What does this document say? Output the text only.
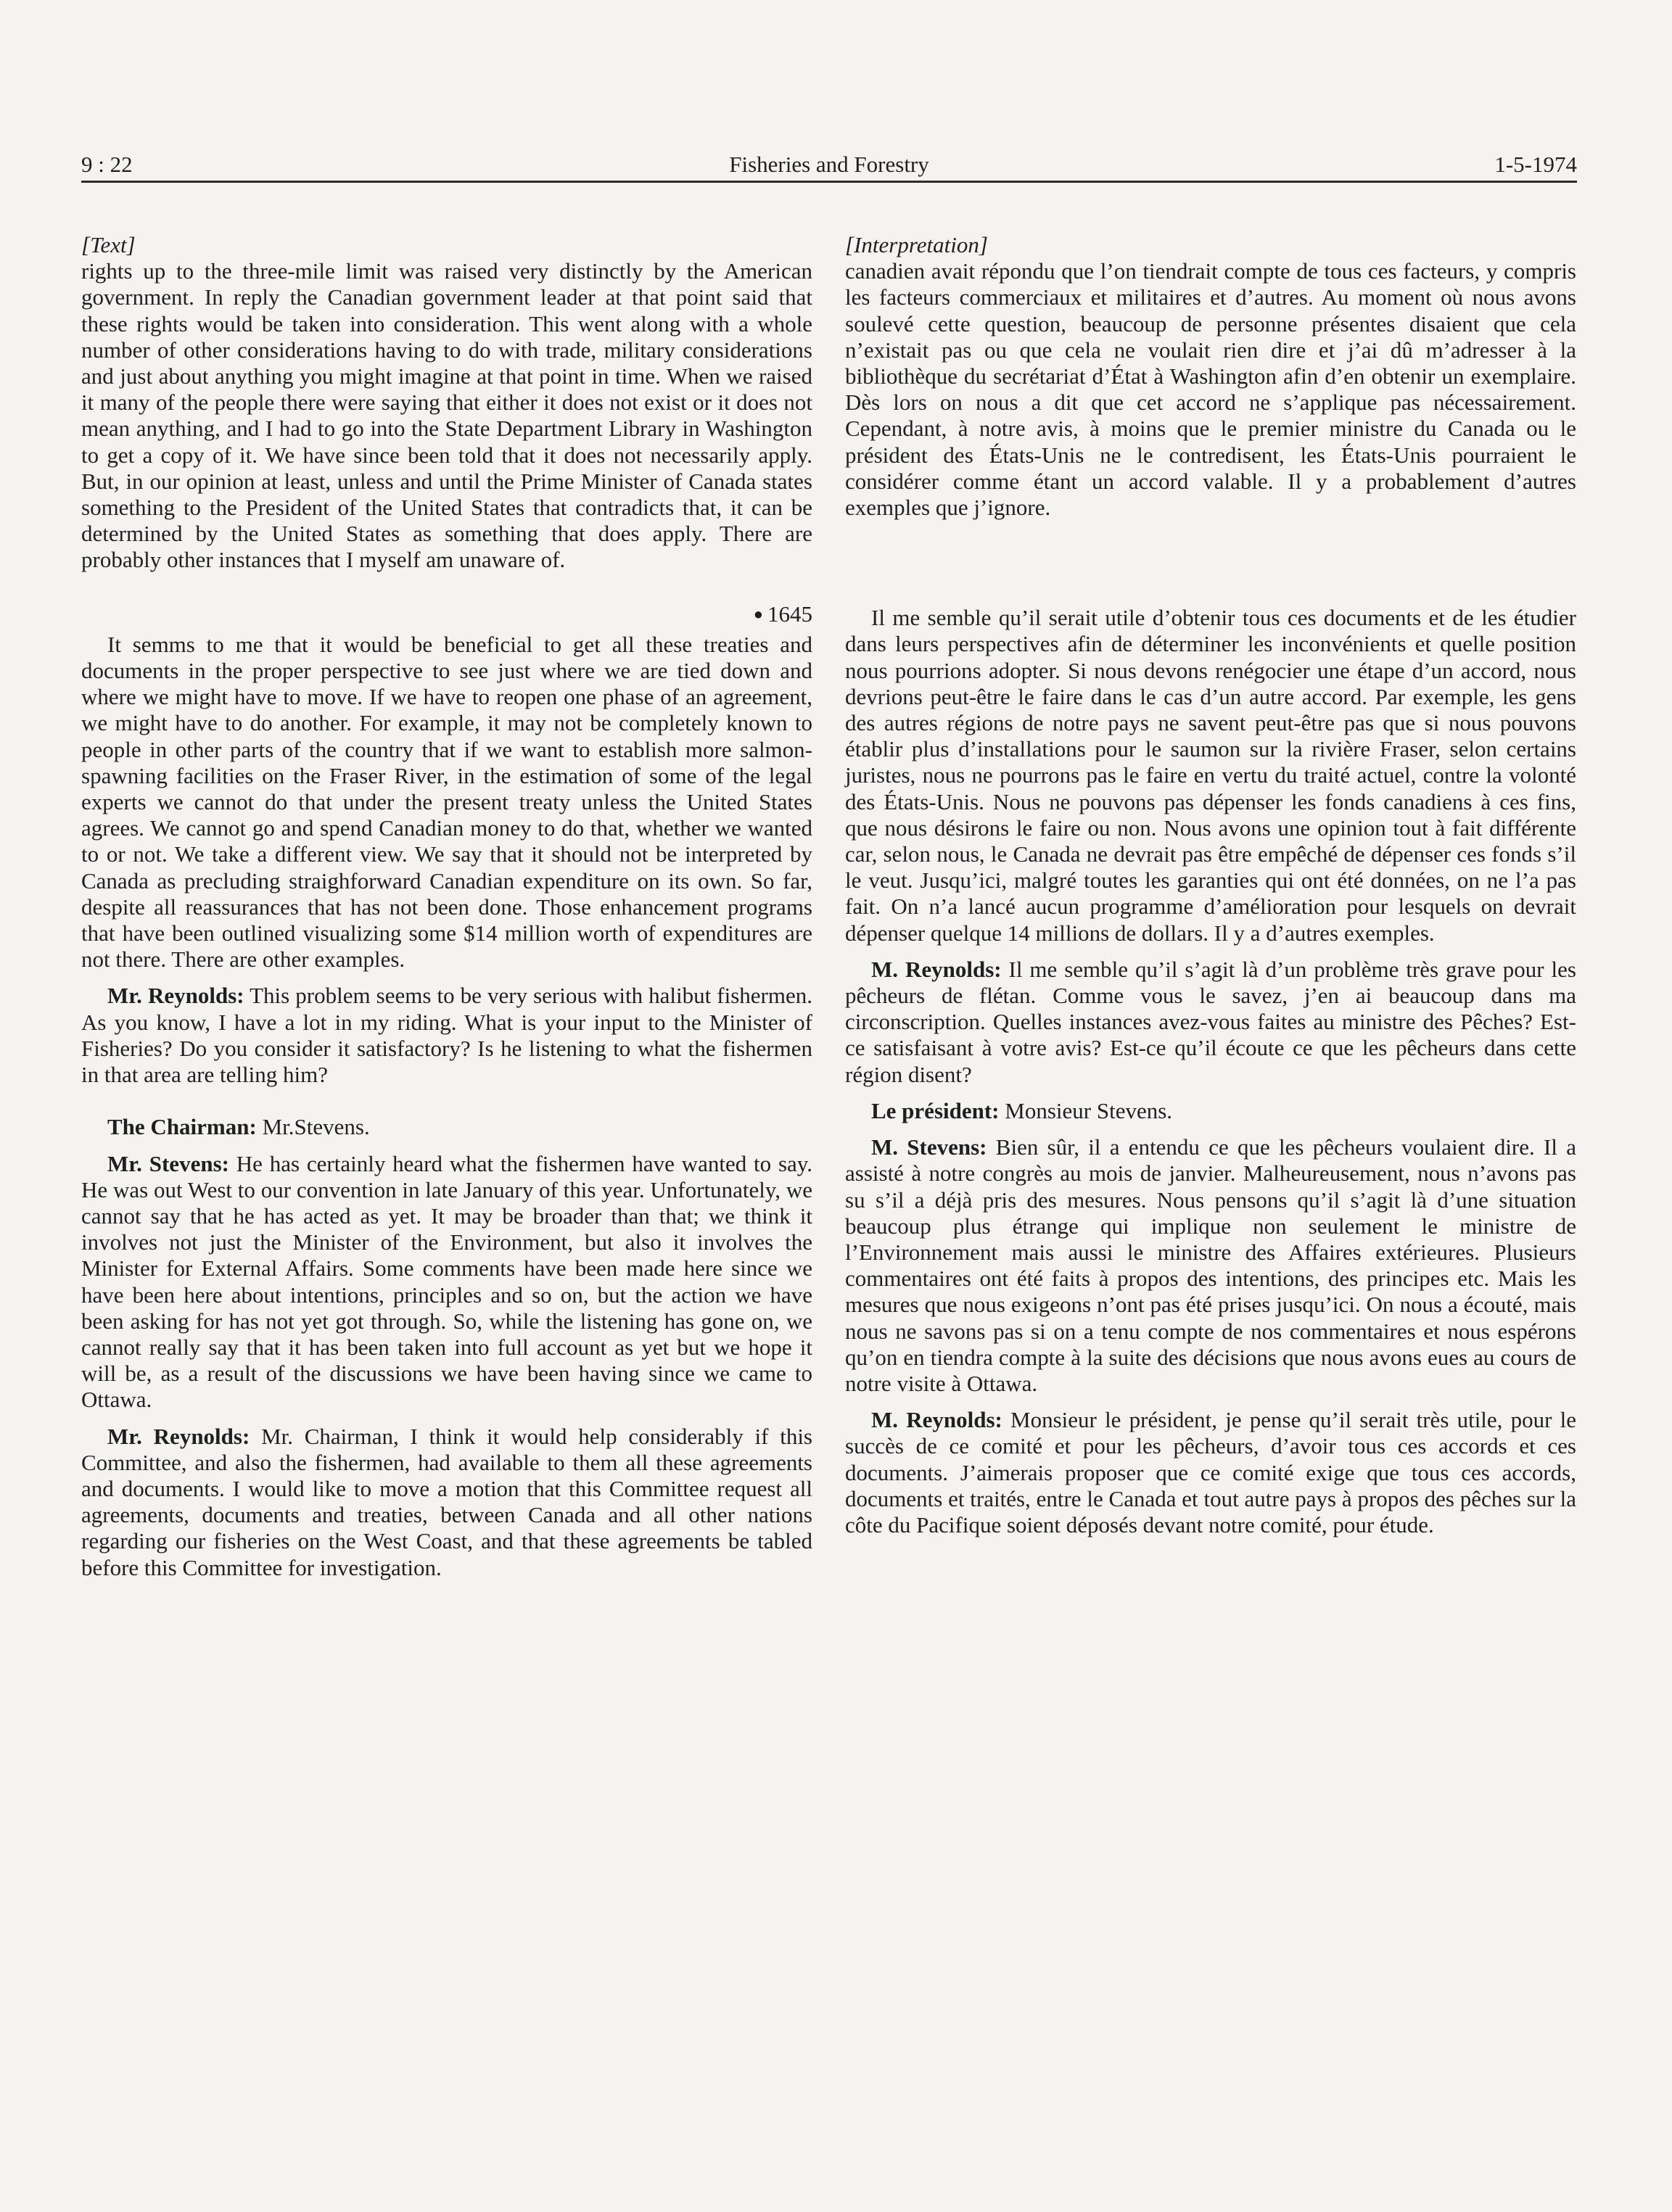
9 : 22	Fisheries and Forestry	1-5-1974

[Text]

rights up to the three-mile limit was raised very distinctly by the American government. In reply the Canadian government leader at that point said that these rights would be taken into consideration. This went along with a whole number of other considerations having to do with trade, military considerations and just about anything you might imagine at that point in time. When we raised it many of the people there were saying that either it does not exist or it does not mean anything, and I had to go into the State Department Library in Washington to get a copy of it. We have since been told that it does not necessarily apply. But, in our opinion at least, unless and until the Prime Minister of Canada states something to the President of the United States that contradicts that, it can be determined by the United States as something that does apply. There are probably other instances that I myself am unaware of.

● 1645

It semms to me that it would be beneficial to get all these treaties and documents in the proper perspective to see just where we are tied down and where we might have to move. If we have to reopen one phase of an agreement, we might have to do another. For example, it may not be completely known to people in other parts of the country that if we want to establish more salmon-spawning facilities on the Fraser River, in the estimation of some of the legal experts we cannot do that under the present treaty unless the United States agrees. We cannot go and spend Canadian money to do that, whether we wanted to or not. We take a different view. We say that it should not be interpreted by Canada as precluding straighforward Canadian expenditure on its own. So far, despite all reassurances that has not been done. Those enhancement programs that have been outlined visualizing some $14 million worth of expenditures are not there. There are other examples.

Mr. Reynolds: This problem seems to be very serious with halibut fishermen. As you know, I have a lot in my riding. What is your input to the Minister of Fisheries? Do you consider it satisfactory? Is he listening to what the fishermen in that area are telling him?

The Chairman: Mr.Stevens.

Mr. Stevens: He has certainly heard what the fishermen have wanted to say. He was out West to our convention in late January of this year. Unfortunately, we cannot say that he has acted as yet. It may be broader than that; we think it involves not just the Minister of the Environment, but also it involves the Minister for External Affairs. Some comments have been made here since we have been here about intentions, principles and so on, but the action we have been asking for has not yet got through. So, while the listening has gone on, we cannot really say that it has been taken into full account as yet but we hope it will be, as a result of the discussions we have been having since we came to Ottawa.

Mr. Reynolds: Mr. Chairman, I think it would help considerably if this Committee, and also the fishermen, had available to them all these agreements and documents. I would like to move a motion that this Committee request all agreements, documents and treaties, between Canada and all other nations regarding our fisheries on the West Coast, and that these agreements be tabled before this Committee for investigation.

[Interpretation]

canadien avait répondu que l’on tiendrait compte de tous ces facteurs, y compris les facteurs commerciaux et militaires et d’autres. Au moment où nous avons soulevé cette question, beaucoup de personne présentes disaient que cela n’existait pas ou que cela ne voulait rien dire et j’ai dû m’adresser à la bibliothèque du secrétariat d’État à Washington afin d’en obtenir un exemplaire. Dès lors on nous a dit que cet accord ne s’applique pas nécessairement. Cependant, à notre avis, à moins que le premier ministre du Canada ou le président des États-Unis ne le contredisent, les États-Unis pourraient le considérer comme étant un accord valable. Il y a probablement d’autres exemples que j’ignore.

Il me semble qu’il serait utile d’obtenir tous ces documents et de les étudier dans leurs perspectives afin de déterminer les inconvénients et quelle position nous pourrions adopter. Si nous devons renégocier une étape d’un accord, nous devrions peut-être le faire dans le cas d’un autre accord. Par exemple, les gens des autres régions de notre pays ne savent peut-être pas que si nous pouvons établir plus d’installations pour le saumon sur la rivière Fraser, selon certains juristes, nous ne pourrons pas le faire en vertu du traité actuel, contre la volonté des États-Unis. Nous ne pouvons pas dépenser les fonds canadiens à ces fins, que nous désirons le faire ou non. Nous avons une opinion tout à fait différente car, selon nous, le Canada ne devrait pas être empêché de dépenser ces fonds s’il le veut. Jusqu’ici, malgré toutes les garanties qui ont été données, on ne l’a pas fait. On n’a lancé aucun programme d’amélioration pour lesquels on devrait dépenser quelque 14 millions de dollars. Il y a d’autres exemples.

M. Reynolds: Il me semble qu’il s’agit là d’un problème très grave pour les pêcheurs de flétan. Comme vous le savez, j’en ai beaucoup dans ma circonscription. Quelles instances avez-vous faites au ministre des Pêches? Est-ce satisfaisant à votre avis? Est-ce qu’il écoute ce que les pêcheurs dans cette région disent?

Le président: Monsieur Stevens.

M. Stevens: Bien sûr, il a entendu ce que les pêcheurs voulaient dire. Il a assisté à notre congrès au mois de janvier. Malheureusement, nous n’avons pas su s’il a déjà pris des mesures. Nous pensons qu’il s’agit là d’une situation beaucoup plus étrange qui implique non seulement le ministre de l’Environnement mais aussi le ministre des Affaires extérieures. Plusieurs commentaires ont été faits à propos des intentions, des principes etc. Mais les mesures que nous exigeons n’ont pas été prises jusqu’ici. On nous a écouté, mais nous ne savons pas si on a tenu compte de nos commentaires et nous espérons qu’on en tiendra compte à la suite des décisions que nous avons eues au cours de notre visite à Ottawa.

M. Reynolds: Monsieur le président, je pense qu’il serait très utile, pour le succès de ce comité et pour les pêcheurs, d’avoir tous ces accords et ces documents. J’aimerais proposer que ce comité exige que tous ces accords, documents et traités, entre le Canada et tout autre pays à propos des pêches sur la côte du Pacifique soient déposés devant notre comité, pour étude.
